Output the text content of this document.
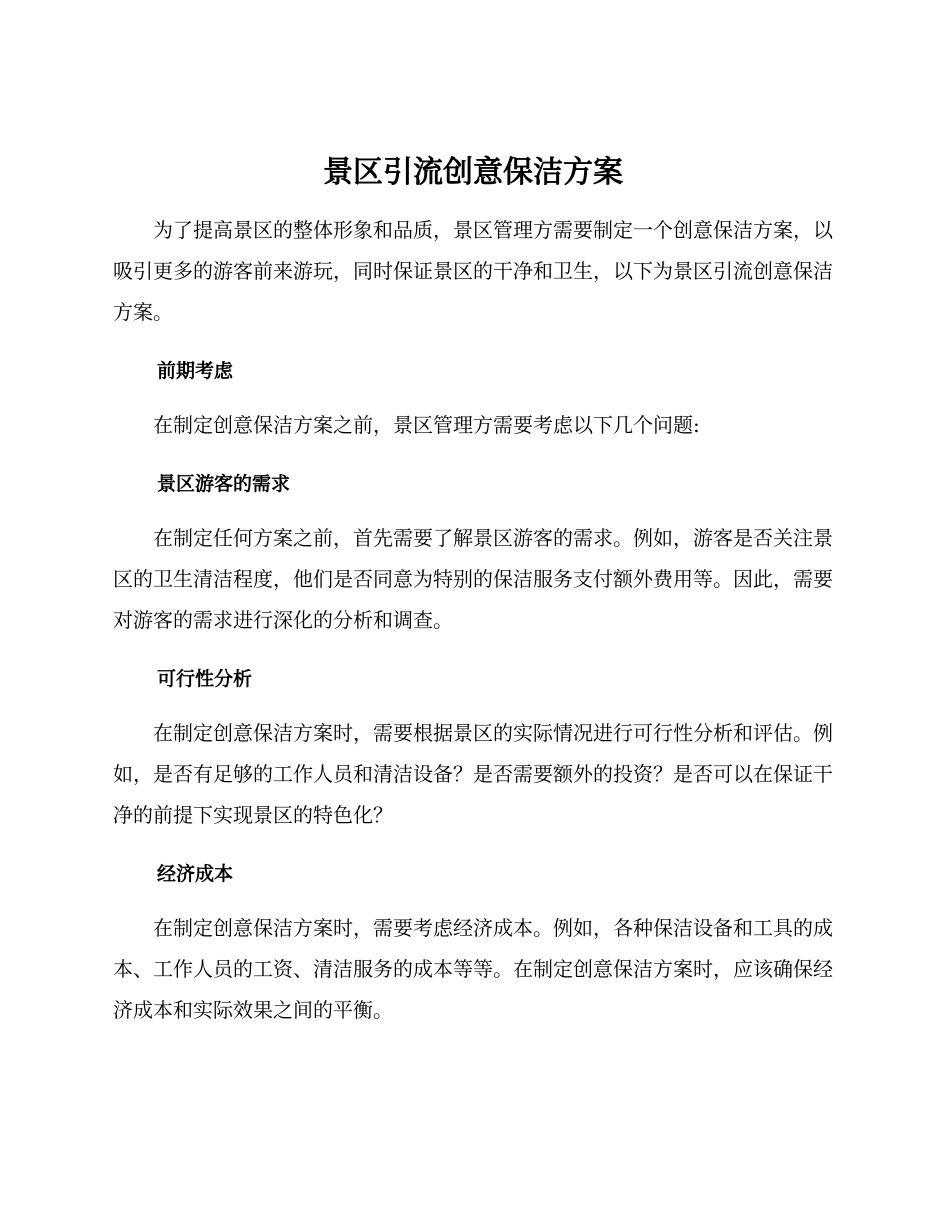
景区引流创意保洁方案

为了提高景区的整体形象和品质，景区管理方需要制定一个创意保洁方案，以吸引更多的游客前来游玩，同时保证景区的干净和卫生，以下为景区引流创意保洁方案。

前期考虑

在制定创意保洁方案之前，景区管理方需要考虑以下几个问题:

景区游客的需求

在制定任何方案之前，首先需要了解景区游客的需求。例如，游客是否关注景区的卫生清洁程度，他们是否同意为特别的保洁服务支付额外费用等。因此，需要对游客的需求进行深化的分析和调查。

可行性分析

在制定创意保洁方案时，需要根据景区的实际情况进行可行性分析和评估。例如，是否有足够的工作人员和清洁设备？是否需要额外的投资？是否可以在保证干净的前提下实现景区的特色化？

经济成本

在制定创意保洁方案时，需要考虑经济成本。例如，各种保洁设备和工具的成本、工作人员的工资、清洁服务的成本等等。在制定创意保洁方案时，应该确保经济成本和实际效果之间的平衡。
